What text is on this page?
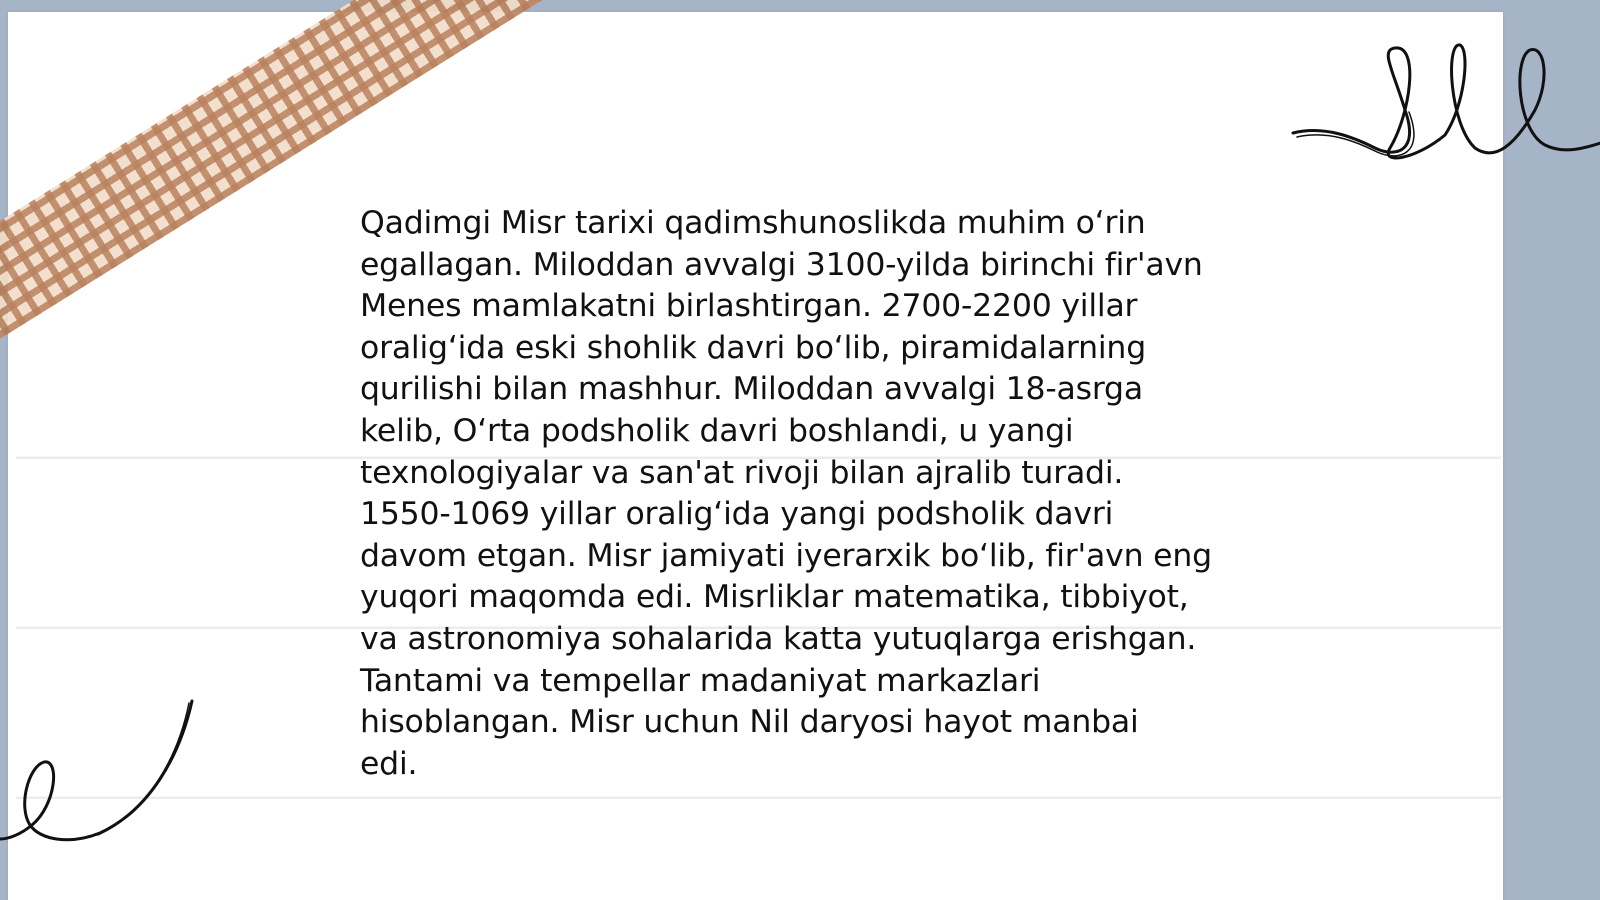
Qadimgi Misr tarixi qadimshunoslikda muhim o‘rin
egallagan. Miloddan avvalgi 3100-yilda birinchi fir'avn
Menes mamlakatni birlashtirgan. 2700-2200 yillar
oralig‘ida eski shohlik davri bo‘lib, piramidalarning
qurilishi bilan mashhur. Miloddan avvalgi 18-asrga
kelib, O‘rta podsholik davri boshlandi, u yangi
texnologiyalar va san'at rivoji bilan ajralib turadi.
1550-1069 yillar oralig‘ida yangi podsholik davri
davom etgan. Misr jamiyati iyerarxik bo‘lib, fir'avn eng
yuqori maqomda edi. Misrliklar matematika, tibbiyot,
va astronomiya sohalarida katta yutuqlarga erishgan.
Tantami va tempellar madaniyat markazlari
hisoblangan. Misr uchun Nil daryosi hayot manbai
edi.
